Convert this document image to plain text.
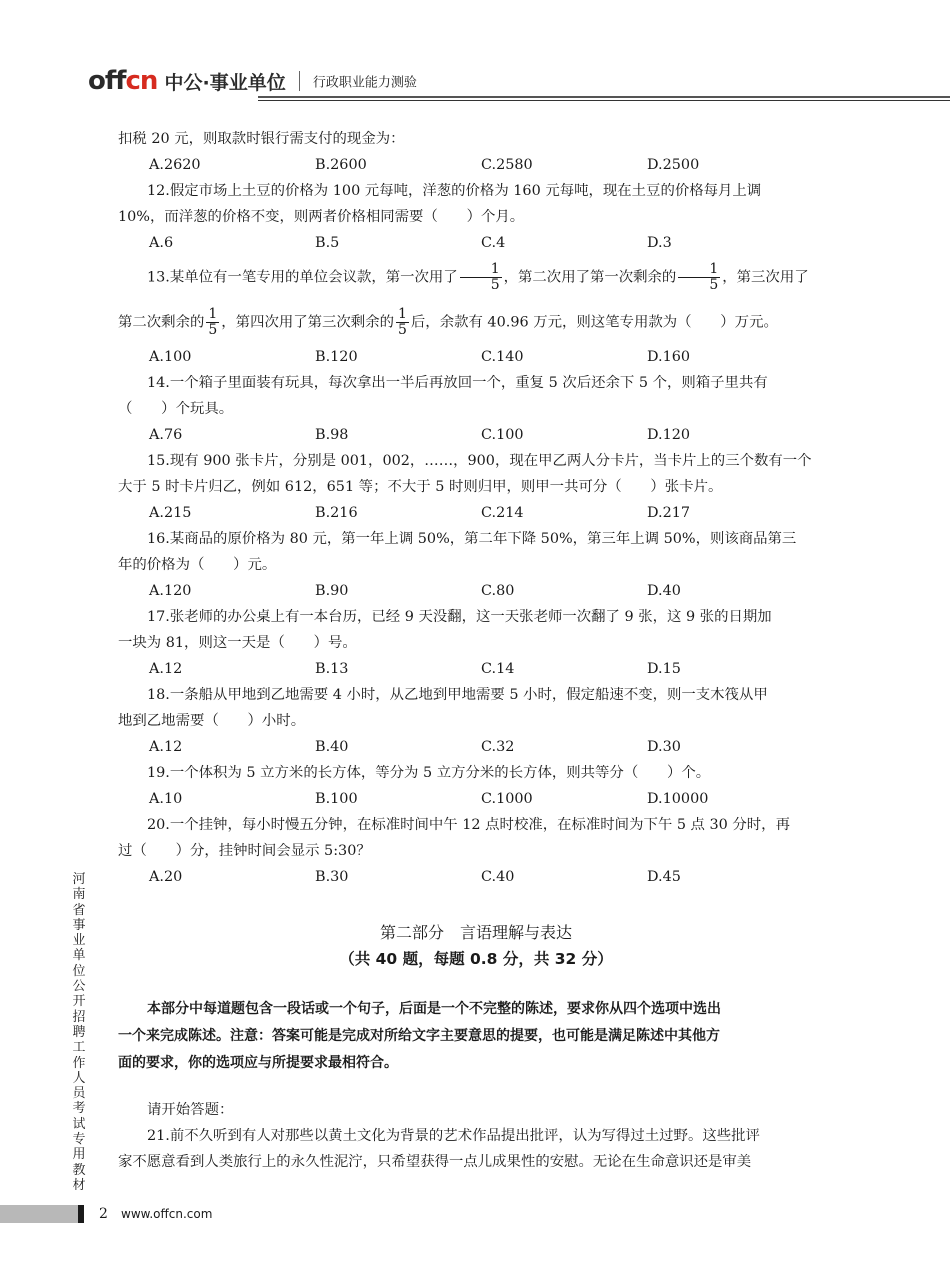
offcn 中公·事业单位 行政职业能力测验

扣税 20 元，则取款时银行需支付的现金为：

A.2620	B.2600	C.2580	D.2500

12.假定市场上土豆的价格为 100 元每吨，洋葱的价格为 160 元每吨，现在土豆的价格每月上调

10%，而洋葱的价格不变，则两者价格相同需要（　　）个月。

A.6	B.5	C.4	D.3

13.某单位有一笔专用的单位会议款，第一次用了 $\frac{1}{5}$ ，第二次用了第一次剩余的 $\frac{1}{5}$ ，第三次用了

第二次剩余的 $\frac{1}{5}$ ，第四次用了第三次剩余的 $\frac{1}{5}$ 后，余款有 40.96 万元，则这笔专用款为（　　）万元。

A.100	B.120	C.140	D.160

14.一个箱子里面装有玩具，每次拿出一半后再放回一个，重复 5 次后还余下 5 个，则箱子里共有

（　　）个玩具。

A.76	B.98	C.100	D.120

15.现有 900 张卡片，分别是 001，002，……，900，现在甲乙两人分卡片，当卡片上的三个数有一个

大于 5 时卡片归乙，例如 612，651 等；不大于 5 时则归甲，则甲一共可分（　　）张卡片。

A.215	B.216	C.214	D.217

16.某商品的原价格为 80 元，第一年上调 50%，第二年下降 50%，第三年上调 50%，则该商品第三

年的价格为（　　）元。

A.120	B.90	C.80	D.40

17.张老师的办公桌上有一本台历，已经 9 天没翻，这一天张老师一次翻了 9 张，这 9 张的日期加

一块为 81，则这一天是（　　）号。

A.12	B.13	C.14	D.15

18.一条船从甲地到乙地需要 4 小时，从乙地到甲地需要 5 小时，假定船速不变，则一支木筏从甲

地到乙地需要（　　）小时。

A.12	B.40	C.32	D.30

19.一个体积为 5 立方米的长方体，等分为 5 立方分米的长方体，则共等分（　　）个。

A.10	B.100	C.1000	D.10000

20.一个挂钟，每小时慢五分钟，在标准时间中午 12 点时校准，在标准时间为下午 5 点 30 分时，再

过（　　）分，挂钟时间会显示 5:30？

A.20	B.30	C.40	D.45

第二部分　言语理解与表达

（共 40 题，每题 0.8 分，共 32 分）

本部分中每道题包含一段话或一个句子，后面是一个不完整的陈述，要求你从四个选项中选出

一个来完成陈述。注意：答案可能是完成对所给文字主要意思的提要，也可能是满足陈述中其他方

面的要求，你的选项应与所提要求最相符合。

请开始答题：

21.前不久听到有人对那些以黄土文化为背景的艺术作品提出批评，认为写得过土过野。这些批评

家不愿意看到人类旅行上的永久性泥泞，只希望获得一点儿成果性的安慰。无论在生命意识还是审美

河南省事业单位公开招聘工作人员考试专用教材
2 www.offcn.com
